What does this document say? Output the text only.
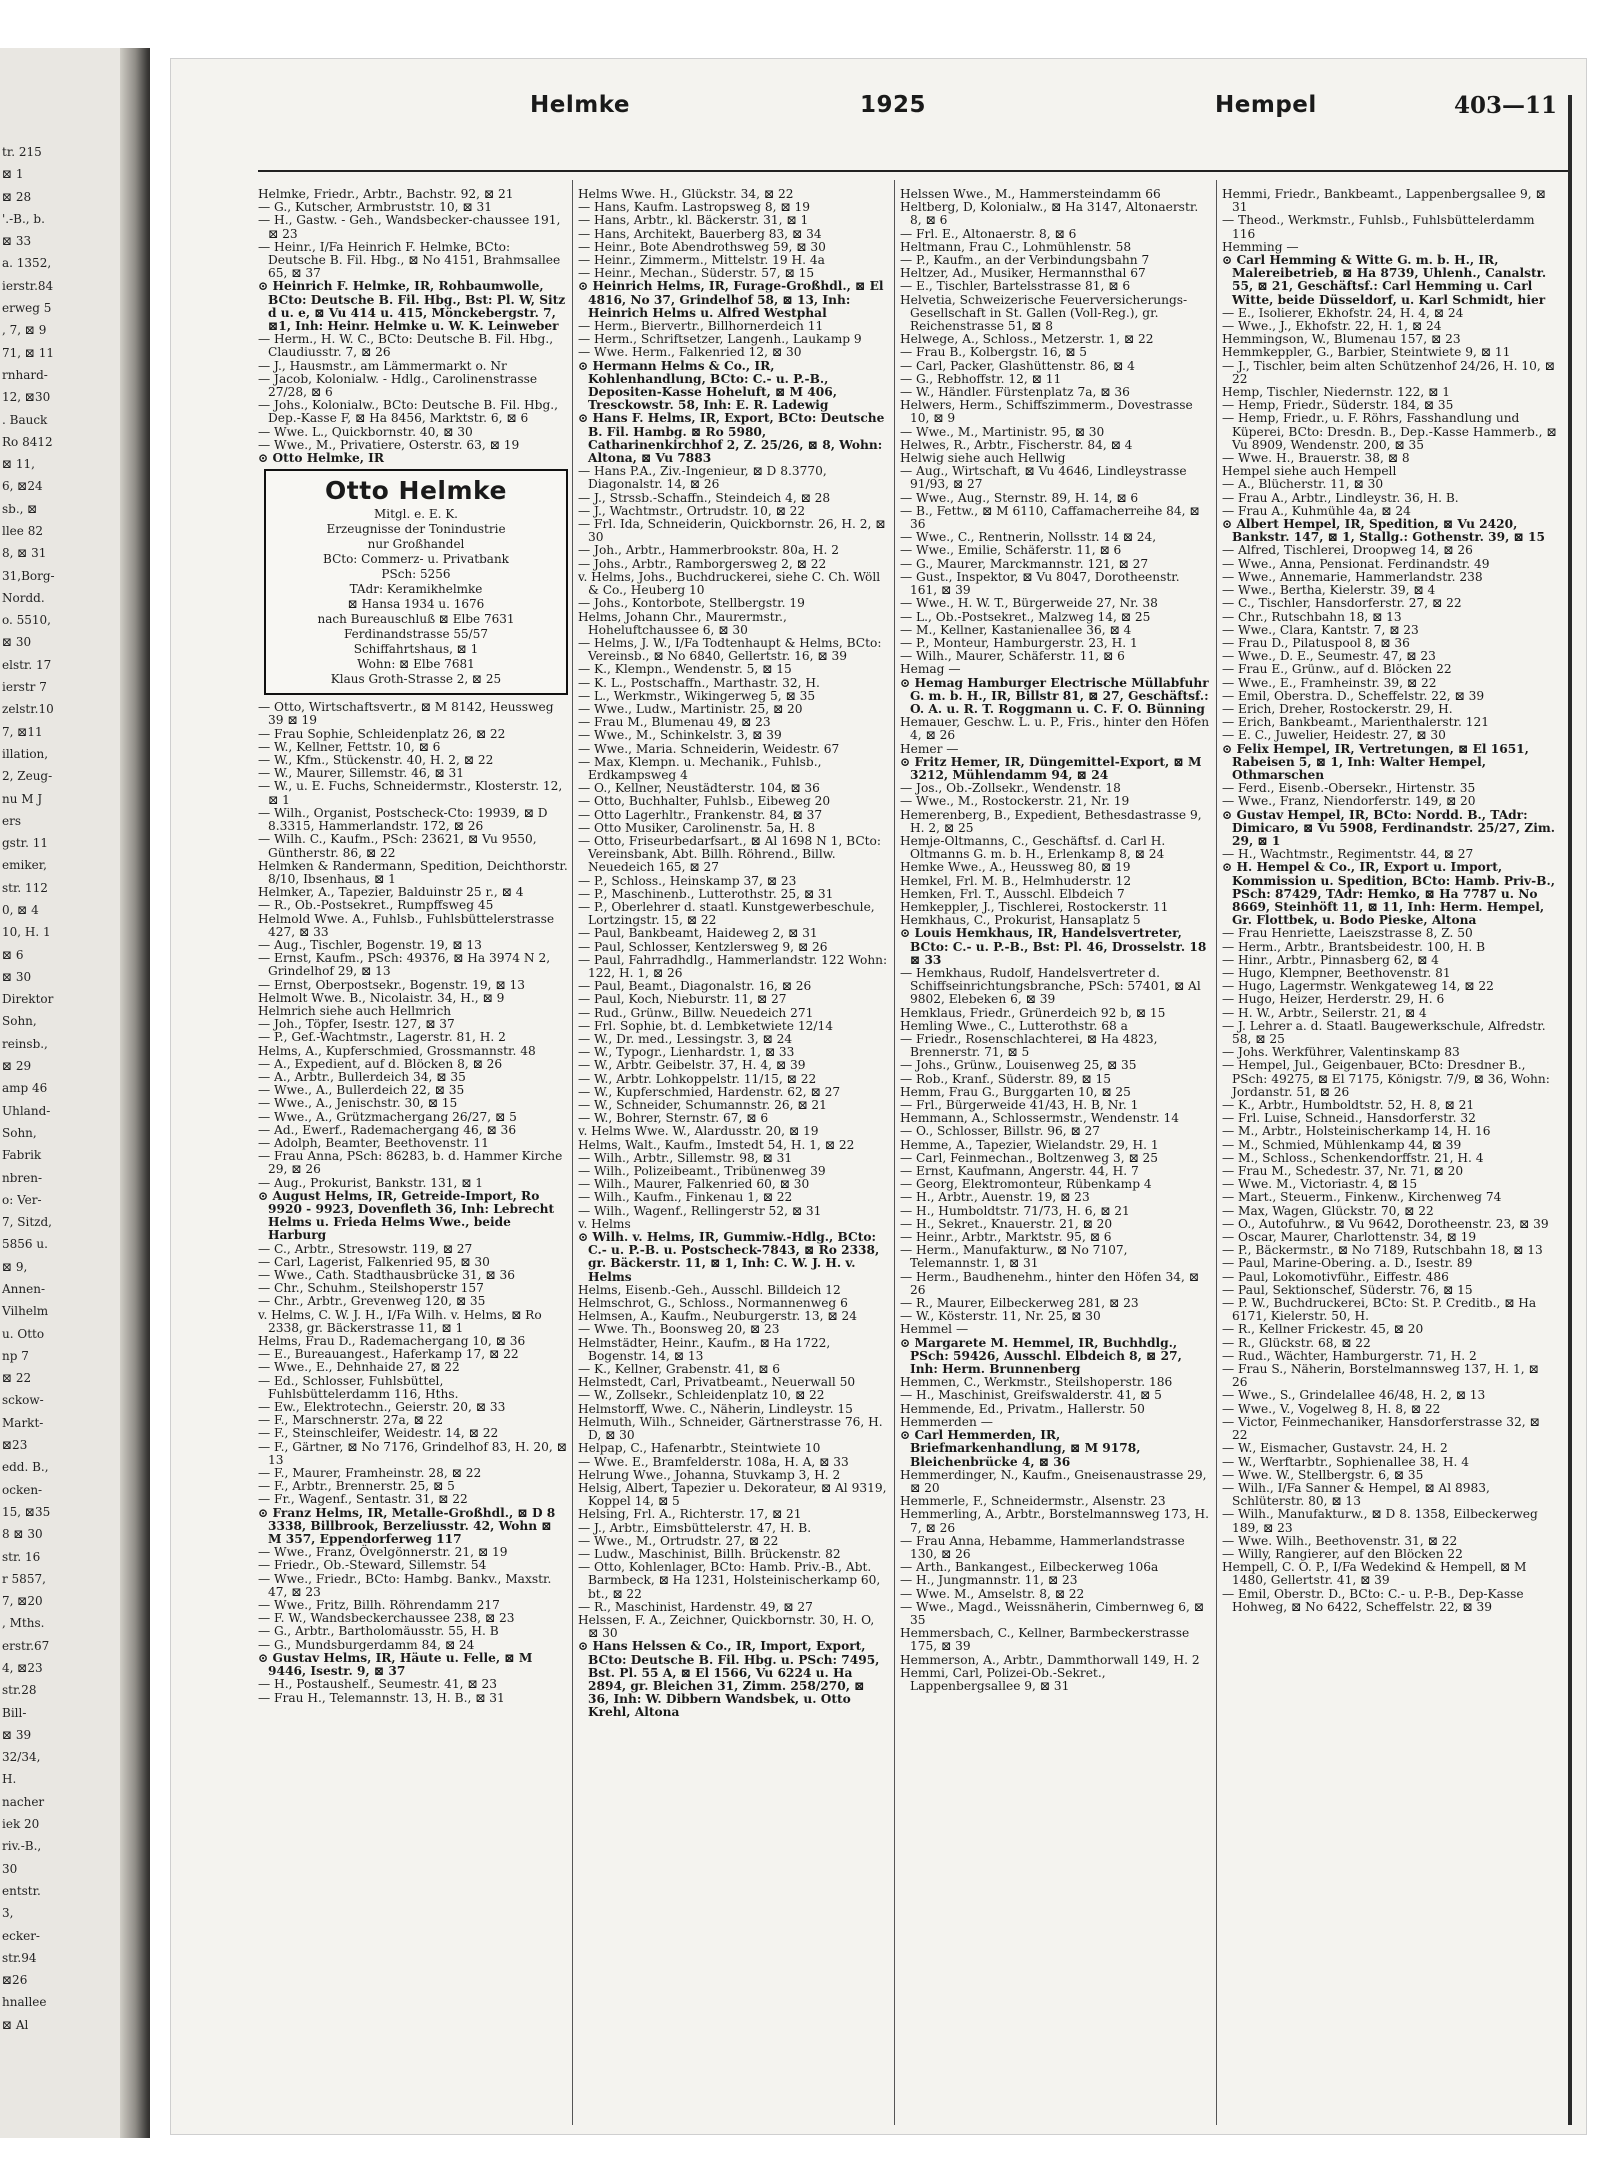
tr. 215
⊠ 1
⊠ 28
'.-B., b.
⊠ 33
a. 1352,
ierstr.84
erweg 5
, 7, ⊠ 9
71, ⊠ 11
rnhard-
12, ⊠30
. Bauck
Ro 8412
⊠ 11,
6, ⊠24
sb., ⊠
llee 82
8, ⊠ 31
31,Borg-
Nordd.
o. 5510,
⊠ 30
elstr. 17
ierstr 7
zelstr.10
7, ⊠11
illation,
2, Zeug-
nu M J
ers
gstr. 11
emiker,
str. 112
0, ⊠ 4
10, H. 1
⊠ 6
⊠ 30
Direktor
Sohn,
reinsb.,
⊠ 29
amp 46
Uhland-
Sohn,
Fabrik
nbren-
o: Ver-
7, Sitzd,
5856 u.
⊠ 9,
Annen-
Vilhelm
u. Otto
np 7
⊠ 22
sckow-
Markt-
⊠23
edd. B.,
ocken-
15, ⊠35
8 ⊠ 30
str. 16
r 5857,
7, ⊠20
, Mths.
erstr.67
4, ⊠23
str.28
Bill-
⊠ 39
32/34,
H.
nacher
iek 20
riv.-B.,
30
entstr.
3,
ecker-
str.94
⊠26
hnallee
⊠ Al
Helmke	1925	Hempel	403—11

Helmke, Friedr., Arbtr., Bachstr. 92, ⊠ 21

— G., Kutscher, Armbruststr. 10, ⊠ 31

— H., Gastw. - Geh., Wandsbecker-chaussee 191, ⊠ 23

— Heinr., I/Fa Heinrich F. Helmke, BCto: Deutsche B. Fil. Hbg., ⊠ No 4151, Brahmsallee 65, ⊠ 37

⊙ Heinrich F. Helmke, IR, Rohbaumwolle, BCto: Deutsche B. Fil. Hbg., Bst: Pl. W, Sitz d u. e, ⊠ Vu 414 u. 415, Mönckebergstr. 7, ⊠1, Inh: Heinr. Helmke u. W. K. Leinweber

— Herm., H. W. C., BCto: Deutsche B. Fil. Hbg., Claudiusstr. 7, ⊠ 26

— J., Hausmstr., am Lämmermarkt o. Nr

— Jacob, Kolonialw. - Hdlg., Carolinenstrasse 27/28, ⊠ 6

— Johs., Kolonialw., BCto: Deutsche B. Fil. Hbg., Dep.-Kasse F, ⊠ Ha 8456, Marktstr. 6, ⊠ 6

— Wwe. L., Quickbornstr. 40, ⊠ 30

— Wwe., M., Privatiere, Osterstr. 63, ⊠ 19

⊙ Otto Helmke, IR

Otto Helmke
Mitgl. e. E. K.
Erzeugnisse der Tonindustrie
nur Großhandel
BCto: Commerz- u. Privatbank
PSch: 5256
TAdr: Keramikhelmke
⊠ Hansa 1934 u. 1676
nach Bureauschluß ⊠ Elbe 7631
Ferdinandstrasse 55/57
Schiffahrtshaus, ⊠ 1
Wohn: ⊠ Elbe 7681
Klaus Groth-Strasse 2, ⊠ 25

— Otto, Wirtschaftsvertr., ⊠ M 8142, Heussweg 39 ⊠ 19

— Frau Sophie, Schleidenplatz 26, ⊠ 22

— W., Kellner, Fettstr. 10, ⊠ 6

— W., Kfm., Stückenstr. 40, H. 2, ⊠ 22

— W., Maurer, Sillemstr. 46, ⊠ 31

— W., u. E. Fuchs, Schneidermstr., Klosterstr. 12, ⊠ 1

— Wilh., Organist, Postscheck-Cto: 19939, ⊠ D 8.3315, Hammerlandstr. 172, ⊠ 26

— Wilh. C., Kaufm., PSch: 23621, ⊠ Vu 9550, Güntherstr. 86, ⊠ 22

Helmken & Randermann, Spedition, Deichthorstr. 8/10, Ibsenhaus, ⊠ 1

Helmker, A., Tapezier, Balduinstr 25 r., ⊠ 4

— R., Ob.-Postsekret., Rumpffsweg 45

Helmold Wwe. A., Fuhlsb., Fuhlsbüttelerstrasse 427, ⊠ 33

— Aug., Tischler, Bogenstr. 19, ⊠ 13

— Ernst, Kaufm., PSch: 49376, ⊠ Ha 3974 N 2, Grindelhof 29, ⊠ 13

— Ernst, Oberpostsekr., Bogenstr. 19, ⊠ 13

Helmolt Wwe. B., Nicolaistr. 34, H., ⊠ 9

Helmrich siehe auch Hellmrich

— Joh., Töpfer, Isestr. 127, ⊠ 37

— P., Gef.-Wachtmstr., Lagerstr. 81, H. 2

Helms, A., Kupferschmied, Grossmannstr. 48

— A., Expedient, auf d. Blöcken 8, ⊠ 26

— A., Arbtr., Bullerdeich 34, ⊠ 35

— Wwe., A., Bullerdeich 22, ⊠ 35

— Wwe., A., Jenischstr. 30, ⊠ 15

— Wwe., A., Grützmachergang 26/27, ⊠ 5

— Ad., Ewerf., Rademachergang 46, ⊠ 36

— Adolph, Beamter, Beethovenstr. 11

— Frau Anna, PSch: 86283, b. d. Hammer Kirche 29, ⊠ 26

— Aug., Prokurist, Bankstr. 131, ⊠ 1

⊙ August Helms, IR, Getreide-Import, Ro 9920 - 9923, Dovenfleth 36, Inh: Lebrecht Helms u. Frieda Helms Wwe., beide Harburg

— C., Arbtr., Stresowstr. 119, ⊠ 27

— Carl, Lagerist, Falkenried 95, ⊠ 30

— Wwe., Cath. Stadthausbrücke 31, ⊠ 36

— Chr., Schuhm., Steilshoperstr 157

— Chr., Arbtr., Grevenweg 120, ⊠ 35

v. Helms, C. W. J. H., I/Fa Wilh. v. Helms, ⊠ Ro 2338, gr. Bäckerstrasse 11, ⊠ 1

Helms, Frau D., Rademachergang 10, ⊠ 36

— E., Bureauangest., Haferkamp 17, ⊠ 22

— Wwe., E., Dehnhaide 27, ⊠ 22

— Ed., Schlosser, Fuhlsbüttel, Fuhlsbüttelerdamm 116, Hths.

— Ew., Elektrotechn., Geierstr. 20, ⊠ 33

— F., Marschnerstr. 27a, ⊠ 22

— F., Steinschleifer, Weidestr. 14, ⊠ 22

— F., Gärtner, ⊠ No 7176, Grindelhof 83, H. 20, ⊠ 13

— F., Maurer, Framheinstr. 28, ⊠ 22

— F., Arbtr., Brennerstr. 25, ⊠ 5

— Fr., Wagenf., Sentastr. 31, ⊠ 22

⊙ Franz Helms, IR, Metalle-Großhdl., ⊠ D 8 3338, Billbrook, Berzeliusstr. 42, Wohn ⊠ M 357, Eppendorferweg 117

— Wwe., Franz, Övelgönnerstr. 21, ⊠ 19

— Friedr., Ob.-Steward, Sillemstr. 54

— Wwe., Friedr., BCto: Hambg. Bankv., Maxstr. 47, ⊠ 23

— Wwe., Fritz, Billh. Röhrendamm 217

— F. W., Wandsbeckerchaussee 238, ⊠ 23

— G., Arbtr., Bartholomäusstr. 55, H. B

— G., Mundsburgerdamm 84, ⊠ 24

⊙ Gustav Helms, IR, Häute u. Felle, ⊠ M 9446, Isestr. 9, ⊠ 37

— H., Postaushelf., Seumestr. 41, ⊠ 23

— Frau H., Telemannstr. 13, H. B., ⊠ 31

Helms Wwe. H., Glückstr. 34, ⊠ 22

— Hans, Kaufm. Lastropsweg 8, ⊠ 19

— Hans, Arbtr., kl. Bäckerstr. 31, ⊠ 1

— Hans, Architekt, Bauerberg 83, ⊠ 34

— Heinr., Bote Abendrothsweg 59, ⊠ 30

— Heinr., Zimmerm., Mittelstr. 19 H. 4a

— Heinr., Mechan., Süderstr. 57, ⊠ 15

⊙ Heinrich Helms, IR, Furage-Großhdl., ⊠ El 4816, No 37, Grindelhof 58, ⊠ 13, Inh: Heinrich Helms u. Alfred Westphal

— Herm., Biervertr., Billhornerdeich 11

— Herm., Schriftsetzer, Langenh., Laukamp 9

— Wwe. Herm., Falkenried 12, ⊠ 30

⊙ Hermann Helms & Co., IR, Kohlenhandlung, BCto: C.- u. P.-B., Depositen-Kasse Hoheluft, ⊠ M 406, Tresckowstr. 58, Inh: E. R. Ladewig

⊙ Hans F. Helms, IR, Export, BCto: Deutsche B. Fil. Hambg. ⊠ Ro 5980, Catharinenkirchhof 2, Z. 25/26, ⊠ 8, Wohn: Altona, ⊠ Vu 7883

— Hans P.A., Ziv.-Ingenieur, ⊠ D 8.3770, Diagonalstr. 14, ⊠ 26

— J., Strssb.-Schaffn., Steindeich 4, ⊠ 28

— J., Wachtmstr., Ortrudstr. 10, ⊠ 22

— Frl. Ida, Schneiderin, Quickbornstr. 26, H. 2, ⊠ 30

— Joh., Arbtr., Hammerbrookstr. 80a, H. 2

— Johs., Arbtr., Ramborgersweg 2, ⊠ 22

v. Helms, Johs., Buchdruckerei, siehe C. Ch. Wöll & Co., Heuberg 10

— Johs., Kontorbote, Stellbergstr. 19

Helms, Johann Chr., Maurermstr., Hoheluftchaussee 6, ⊠ 30

— Helms, J. W., I/Fa Todtenhaupt & Helms, BCto: Vereinsb., ⊠ No 6840, Gellertstr. 16, ⊠ 39

— K., Klempn., Wendenstr. 5, ⊠ 15

— K. L., Postschaffn., Marthastr. 32, H.

— L., Werkmstr., Wikingerweg 5, ⊠ 35

— Wwe., Ludw., Martinistr. 25, ⊠ 20

— Frau M., Blumenau 49, ⊠ 23

— Wwe., M., Schinkelstr. 3, ⊠ 39

— Wwe., Maria. Schneiderin, Weidestr. 67

— Max, Klempn. u. Mechanik., Fuhlsb., Erdkampsweg 4

— O., Kellner, Neustädterstr. 104, ⊠ 36

— Otto, Buchhalter, Fuhlsb., Eibeweg 20

— Otto Lagerhltr., Frankenstr. 84, ⊠ 37

— Otto Musiker, Carolinenstr. 5a, H. 8

— Otto, Friseurbedarfsart., ⊠ Al 1698 N 1, BCto: Vereinsbank, Abt. Billh. Röhrend., Billw. Neuedeich 165, ⊠ 27

— P., Schloss., Heinskamp 37, ⊠ 23

— P., Maschinenb., Lutterothstr. 25, ⊠ 31

— P., Oberlehrer d. staatl. Kunstgewerbeschule, Lortzingstr. 15, ⊠ 22

— Paul, Bankbeamt, Haideweg 2, ⊠ 31

— Paul, Schlosser, Kentzlersweg 9, ⊠ 26

— Paul, Fahrradhdlg., Hammerlandstr. 122 Wohn: 122, H. 1, ⊠ 26

— Paul, Beamt., Diagonalstr. 16, ⊠ 26

— Paul, Koch, Nieburstr. 11, ⊠ 27

— Rud., Grünw., Billw. Neuedeich 271

— Frl. Sophie, bt. d. Lembketwiete 12/14

— W., Dr. med., Lessingstr. 3, ⊠ 24

— W., Typogr., Lienhardstr. 1, ⊠ 33

— W., Arbtr. Geibelstr. 37, H. 4, ⊠ 39

— W., Arbtr. Lohkoppelstr. 11/15, ⊠ 22

— W., Kupferschmied, Hardenstr. 62, ⊠ 27

— W., Schneider, Schumannstr. 26, ⊠ 21

— W., Bohrer, Sternstr. 67, ⊠ 6

v. Helms Wwe. W., Alardusstr. 20, ⊠ 19

Helms, Walt., Kaufm., Imstedt 54, H. 1, ⊠ 22

— Wilh., Arbtr., Sillemstr. 98, ⊠ 31

— Wilh., Polizeibeamt., Tribünenweg 39

— Wilh., Maurer, Falkenried 60, ⊠ 30

— Wilh., Kaufm., Finkenau 1, ⊠ 22

— Wilh., Wagenf., Rellingerstr 52, ⊠ 31

v. Helms

⊙ Wilh. v. Helms, IR, Gummiw.-Hdlg., BCto: C.- u. P.-B. u. Postscheck-7843, ⊠ Ro 2338, gr. Bäckerstr. 11, ⊠ 1, Inh: C. W. J. H. v. Helms

Helms, Eisenb.-Geh., Ausschl. Billdeich 12

Helmschrot, G., Schloss., Normannenweg 6

Helmsen, A., Kaufm., Neuburgerstr. 13, ⊠ 24

— Wwe. Th., Boonsweg 20, ⊠ 23

Helmstädter, Heinr., Kaufm., ⊠ Ha 1722, Bogenstr. 14, ⊠ 13

— K., Kellner, Grabenstr. 41, ⊠ 6

Helmstedt, Carl, Privatbeamt., Neuerwall 50

— W., Zollsekr., Schleidenplatz 10, ⊠ 22

Helmstorff, Wwe. C., Näherin, Lindleystr. 15

Helmuth, Wilh., Schneider, Gärtnerstrasse 76, H. D, ⊠ 30

Helpap, C., Hafenarbtr., Steintwiete 10

— Wwe. E., Bramfelderstr. 108a, H. A, ⊠ 33

Helrung Wwe., Johanna, Stuvkamp 3, H. 2

Helsig, Albert, Tapezier u. Dekorateur, ⊠ Al 9319, Koppel 14, ⊠ 5

Helsing, Frl. A., Richterstr. 17, ⊠ 21

— J., Arbtr., Eimsbüttelerstr. 47, H. B.

— Wwe., M., Ortrudstr. 27, ⊠ 22

— Ludw., Maschinist, Billh. Brückenstr. 82

— Otto, Kohlenlager, BCto: Hamb. Priv.-B., Abt. Barmbeck, ⊠ Ha 1231, Holsteinischerkamp 60, bt., ⊠ 22

— R., Maschinist, Hardenstr. 49, ⊠ 27

Helssen, F. A., Zeichner, Quickbornstr. 30, H. O, ⊠ 30

⊙ Hans Helssen & Co., IR, Import, Export, BCto: Deutsche B. Fil. Hbg. u. PSch: 7495, Bst. Pl. 55 A, ⊠ El 1566, Vu 6224 u. Ha 2894, gr. Bleichen 31, Zimm. 258/270, ⊠ 36, Inh: W. Dibbern Wandsbek, u. Otto Krehl, Altona

Helssen Wwe., M., Hammersteindamm 66

Heltberg, D, Kolonialw., ⊠ Ha 3147, Altonaerstr. 8, ⊠ 6

— Frl. E., Altonaerstr. 8, ⊠ 6

Heltmann, Frau C., Lohmühlenstr. 58

— P., Kaufm., an der Verbindungsbahn 7

Heltzer, Ad., Musiker, Hermannsthal 67

— E., Tischler, Bartelsstrasse 81, ⊠ 6

Helvetia, Schweizerische Feuerversicherungs-Gesellschaft in St. Gallen (Voll-Reg.), gr. Reichenstrasse 51, ⊠ 8

Helwege, A., Schloss., Metzerstr. 1, ⊠ 22

— Frau B., Kolbergstr. 16, ⊠ 5

— Carl, Packer, Glashüttenstr. 86, ⊠ 4

— G., Rebhoffstr. 12, ⊠ 11

— W., Händler. Fürstenplatz 7a, ⊠ 36

Helwers, Herm., Schiffszimmerm., Dovestrasse 10, ⊠ 9

— Wwe., M., Martinistr. 95, ⊠ 30

Helwes, R., Arbtr., Fischerstr. 84, ⊠ 4

Helwig siehe auch Hellwig

— Aug., Wirtschaft, ⊠ Vu 4646, Lindleystrasse 91/93, ⊠ 27

— Wwe., Aug., Sternstr. 89, H. 14, ⊠ 6

— B., Fettw., ⊠ M 6110, Caffamacherreihe 84, ⊠ 36

— Wwe., C., Rentnerin, Nollsstr. 14 ⊠ 24,

— Wwe., Emilie, Schäferstr. 11, ⊠ 6

— G., Maurer, Marckmannstr. 121, ⊠ 27

— Gust., Inspektor, ⊠ Vu 8047, Dorotheenstr. 161, ⊠ 39

— Wwe., H. W. T., Bürgerweide 27, Nr. 38

— L., Ob.-Postsekret., Malzweg 14, ⊠ 25

— M., Kellner, Kastanienallee 36, ⊠ 4

— P., Monteur, Hamburgerstr. 23, H. 1

— Wilh., Maurer, Schäferstr. 11, ⊠ 6

Hemag —

⊙ Hemag Hamburger Electrische Müllabfuhr G. m. b. H., IR, Billstr 81, ⊠ 27, Geschäftsf.: O. A. u. R. T. Roggmann u. C. F. O. Bünning

Hemauer, Geschw. L. u. P., Fris., hinter den Höfen 4, ⊠ 26

Hemer —

⊙ Fritz Hemer, IR, Düngemittel-Export, ⊠ M 3212, Mühlendamm 94, ⊠ 24

— Jos., Ob.-Zollsekr., Wendenstr. 18

— Wwe., M., Rostockerstr. 21, Nr. 19

Hemerenberg, B., Expedient, Bethesdastrasse 9, H. 2, ⊠ 25

Hemje-Oltmanns, C., Geschäftsf. d. Carl H. Oltmanns G. m. b. H., Erlenkamp 8, ⊠ 24

Hemke Wwe., A., Heussweg 80, ⊠ 19

Hemkel, Frl. M. B., Helmhuderstr. 12

Hemken, Frl. T., Ausschl. Elbdeich 7

Hemkeppler, J., Tischlerei, Rostockerstr. 11

Hemkhaus, C., Prokurist, Hansaplatz 5

⊙ Louis Hemkhaus, IR, Handelsvertreter, BCto: C.- u. P.-B., Bst: Pl. 46, Drosselstr. 18 ⊠ 33

— Hemkhaus, Rudolf, Handelsvertreter d. Schiffseinrichtungsbranche, PSch: 57401, ⊠ Al 9802, Elebeken 6, ⊠ 39

Hemklaus, Friedr., Grünerdeich 92 b, ⊠ 15

Hemling Wwe., C., Lutterothstr. 68 a

— Friedr., Rosenschlachterei, ⊠ Ha 4823, Brennerstr. 71, ⊠ 5

— Johs., Grünw., Louisenweg 25, ⊠ 35

— Rob., Kranf., Süderstr. 89, ⊠ 15

Hemm, Frau G., Burggarten 10, ⊠ 25

— Frl., Bürgerweide 41/43, H. B, Nr. 1

Hemmann, A., Schlossermstr., Wendenstr. 14

— O., Schlosser, Billstr. 96, ⊠ 27

Hemme, A., Tapezier, Wielandstr. 29, H. 1

— Carl, Feinmechan., Boltzenweg 3, ⊠ 25

— Ernst, Kaufmann, Angerstr. 44, H. 7

— Georg, Elektromonteur, Rübenkamp 4

— H., Arbtr., Auenstr. 19, ⊠ 23

— H., Humboldtstr. 71/73, H. 6, ⊠ 21

— H., Sekret., Knauerstr. 21, ⊠ 20

— Heinr., Arbtr., Marktstr. 95, ⊠ 6

— Herm., Manufakturw., ⊠ No 7107, Telemannstr. 1, ⊠ 31

— Herm., Baudhenehm., hinter den Höfen 34, ⊠ 26

— R., Maurer, Eilbeckerweg 281, ⊠ 23

— W., Kösterstr. 11, Nr. 25, ⊠ 30

Hemmel —

⊙ Margarete M. Hemmel, IR, Buchhdlg., PSch: 59426, Ausschl. Elbdeich 8, ⊠ 27, Inh: Herm. Brunnenberg

Hemmen, C., Werkmstr., Steilshoperstr. 186

— H., Maschinist, Greifswalderstr. 41, ⊠ 5

Hemmende, Ed., Privatm., Hallerstr. 50

Hemmerden —

⊙ Carl Hemmerden, IR, Briefmarkenhandlung, ⊠ M 9178, Bleichenbrücke 4, ⊠ 36

Hemmerdinger, N., Kaufm., Gneisenaustrasse 29, ⊠ 20

Hemmerle, F., Schneidermstr., Alsenstr. 23

Hemmerling, A., Arbtr., Borstelmannsweg 173, H. 7, ⊠ 26

— Frau Anna, Hebamme, Hammerlandstrasse 130, ⊠ 26

— Arth., Bankangest., Eilbeckerweg 106a

— H., Jungmannstr. 11, ⊠ 23

— Wwe. M., Amselstr. 8, ⊠ 22

— Wwe., Magd., Weissnäherin, Cimbernweg 6, ⊠ 35

Hemmersbach, C., Kellner, Barmbeckerstrasse 175, ⊠ 39

Hemmerson, A., Arbtr., Dammthorwall 149, H. 2

Hemmi, Carl, Polizei-Ob.-Sekret., Lappenbergsallee 9, ⊠ 31

Hemmi, Friedr., Bankbeamt., Lappenbergsallee 9, ⊠ 31

— Theod., Werkmstr., Fuhlsb., Fuhlsbüttelerdamm 116

Hemming —

⊙ Carl Hemming & Witte G. m. b. H., IR, Malereibetrieb, ⊠ Ha 8739, Uhlenh., Canalstr. 55, ⊠ 21, Geschäftsf.: Carl Hemming u. Carl Witte, beide Düsseldorf, u. Karl Schmidt, hier

— E., Isolierer, Ekhofstr. 24, H. 4, ⊠ 24

— Wwe., J., Ekhofstr. 22, H. 1, ⊠ 24

Hemmingson, W., Blumenau 157, ⊠ 23

Hemmkeppler, G., Barbier, Steintwiete 9, ⊠ 11

— J., Tischler, beim alten Schützenhof 24/26, H. 10, ⊠ 22

Hemp, Tischler, Niedernstr. 122, ⊠ 1

— Hemp, Friedr., Süderstr. 184, ⊠ 35

— Hemp, Friedr., u. F. Röhrs, Fasshandlung und Küperei, BCto: Dresdn. B., Dep.-Kasse Hammerb., ⊠ Vu 8909, Wendenstr. 200, ⊠ 35

— Wwe. H., Brauerstr. 38, ⊠ 8

Hempel siehe auch Hempell

— A., Blücherstr. 11, ⊠ 30

— Frau A., Arbtr., Lindleystr. 36, H. B.

— Frau A., Kuhmühle 4a, ⊠ 24

⊙ Albert Hempel, IR, Spedition, ⊠ Vu 2420, Bankstr. 147, ⊠ 1, Stallg.: Gothenstr. 39, ⊠ 15

— Alfred, Tischlerei, Droopweg 14, ⊠ 26

— Wwe., Anna, Pensionat. Ferdinandstr. 49

— Wwe., Annemarie, Hammerlandstr. 238

— Wwe., Bertha, Kielerstr. 39, ⊠ 4

— C., Tischler, Hansdorferstr. 27, ⊠ 22

— Chr., Rutschbahn 18, ⊠ 13

— Wwe., Clara, Kantstr. 7, ⊠ 23

— Frau D., Pilatuspool 8, ⊠ 36

— Wwe., D. E., Seumestr. 47, ⊠ 23

— Frau E., Grünw., auf d. Blöcken 22

— Wwe., E., Framheinstr. 39, ⊠ 22

— Emil, Oberstra. D., Scheffelstr. 22, ⊠ 39

— Erich, Dreher, Rostockerstr. 29, H.

— Erich, Bankbeamt., Marienthalerstr. 121

— E. C., Juwelier, Heidestr. 27, ⊠ 30

⊙ Felix Hempel, IR, Vertretungen, ⊠ El 1651, Rabeisen 5, ⊠ 1, Inh: Walter Hempel, Othmarschen

— Ferd., Eisenb.-Obersekr., Hirtenstr. 35

— Wwe., Franz, Niendorferstr. 149, ⊠ 20

⊙ Gustav Hempel, IR, BCto: Nordd. B., TAdr: Dimicaro, ⊠ Vu 5908, Ferdinandstr. 25/27, Zim. 29, ⊠ 1

— H., Wachtmstr., Regimentstr. 44, ⊠ 27

⊙ H. Hempel & Co., IR, Export u. Import, Kommission u. Spedition, BCto: Hamb. Priv-B., PSch: 87429, TAdr: Hemko, ⊠ Ha 7787 u. No 8669, Steinhöft 11, ⊠ 11, Inh: Herm. Hempel, Gr. Flottbek, u. Bodo Pieske, Altona

— Frau Henriette, Laeiszstrasse 8, Z. 50

— Herm., Arbtr., Brantsbeidestr. 100, H. B

— Hinr., Arbtr., Pinnasberg 62, ⊠ 4

— Hugo, Klempner, Beethovenstr. 81

— Hugo, Lagermstr. Wenkgateweg 14, ⊠ 22

— Hugo, Heizer, Herderstr. 29, H. 6

— H. W., Arbtr., Seilerstr. 21, ⊠ 4

— J. Lehrer a. d. Staatl. Baugewerkschule, Alfredstr. 58, ⊠ 25

— Johs. Werkführer, Valentinskamp 83

— Hempel, Jul., Geigenbauer, BCto: Dresdner B., PSch: 49275, ⊠ El 7175, Königstr. 7/9, ⊠ 36, Wohn: Jordanstr. 51, ⊠ 26

— K., Arbtr., Humboldtstr. 52, H. 8, ⊠ 21

— Frl. Luise, Schneid., Hansdorferstr. 32

— M., Arbtr., Holsteinischerkamp 14, H. 16

— M., Schmied, Mühlenkamp 44, ⊠ 39

— M., Schloss., Schenkendorffstr. 21, H. 4

— Frau M., Schedestr. 37, Nr. 71, ⊠ 20

— Wwe. M., Victoriastr. 4, ⊠ 15

— Mart., Steuerm., Finkenw., Kirchenweg 74

— Max, Wagen, Glückstr. 70, ⊠ 22

— O., Autofuhrw., ⊠ Vu 9642, Dorotheenstr. 23, ⊠ 39

— Oscar, Maurer, Charlottenstr. 34, ⊠ 19

— P., Bäckermstr., ⊠ No 7189, Rutschbahn 18, ⊠ 13

— Paul, Marine-Obering. a. D., Isestr. 89

— Paul, Lokomotivführ., Eiffestr. 486

— Paul, Sektionschef, Süderstr. 76, ⊠ 15

— P. W., Buchdruckerei, BCto: St. P. Creditb., ⊠ Ha 6171, Kielerstr. 50, H.

— R., Kellner Frickestr. 45, ⊠ 20

— R., Glückstr. 68, ⊠ 22

— Rud., Wächter, Hamburgerstr. 71, H. 2

— Frau S., Näherin, Borstelmannsweg 137, H. 1, ⊠ 26

— Wwe., S., Grindelallee 46/48, H. 2, ⊠ 13

— Wwe., V., Vogelweg 8, H. 8, ⊠ 22

— Victor, Feinmechaniker, Hansdorferstrasse 32, ⊠ 22

— W., Eismacher, Gustavstr. 24, H. 2

— W., Werftarbtr., Sophienallee 38, H. 4

— Wwe. W., Stellbergstr. 6, ⊠ 35

— Wilh., I/Fa Sanner & Hempel, ⊠ Al 8983, Schlüterstr. 80, ⊠ 13

— Wilh., Manufakturw., ⊠ D 8. 1358, Eilbeckerweg 189, ⊠ 23

— Wwe. Wilh., Beethovenstr. 31, ⊠ 22

— Willy, Rangierer, auf den Blöcken 22

Hempell, C. O. P., I/Fa Wedekind & Hempell, ⊠ M 1480, Gellertstr. 41, ⊠ 39

— Emil, Oberstr. D., BCto: C.- u. P.-B., Dep-Kasse Hohweg, ⊠ No 6422, Scheffelstr. 22, ⊠ 39
